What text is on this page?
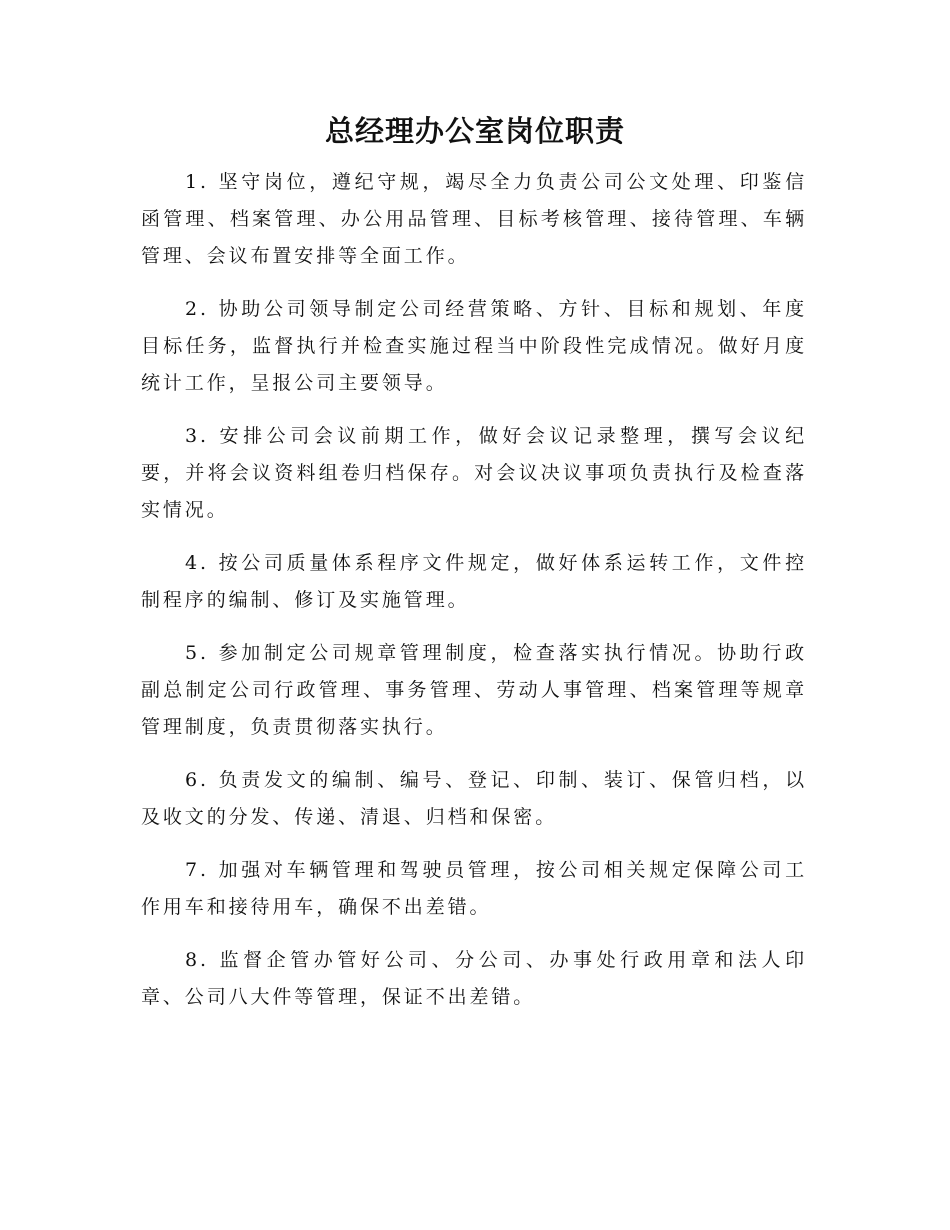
总经理办公室岗位职责

1. 坚守岗位，遵纪守规，竭尽全力负责公司公文处理、印鉴信函管理、档案管理、办公用品管理、目标考核管理、接待管理、车辆管理、会议布置安排等全面工作。

2. 协助公司领导制定公司经营策略、方针、目标和规划、年度目标任务，监督执行并检查实施过程当中阶段性完成情况。做好月度统计工作，呈报公司主要领导。

3. 安排公司会议前期工作，做好会议记录整理，撰写会议纪要，并将会议资料组卷归档保存。对会议决议事项负责执行及检查落实情况。

4. 按公司质量体系程序文件规定，做好体系运转工作，文件控制程序的编制、修订及实施管理。

5. 参加制定公司规章管理制度，检查落实执行情况。协助行政副总制定公司行政管理、事务管理、劳动人事管理、档案管理等规章管理制度，负责贯彻落实执行。

6. 负责发文的编制、编号、登记、印制、装订、保管归档，以及收文的分发、传递、清退、归档和保密。

7. 加强对车辆管理和驾驶员管理，按公司相关规定保障公司工作用车和接待用车，确保不出差错。

8. 监督企管办管好公司、分公司、办事处行政用章和法人印章、公司八大件等管理，保证不出差错。
